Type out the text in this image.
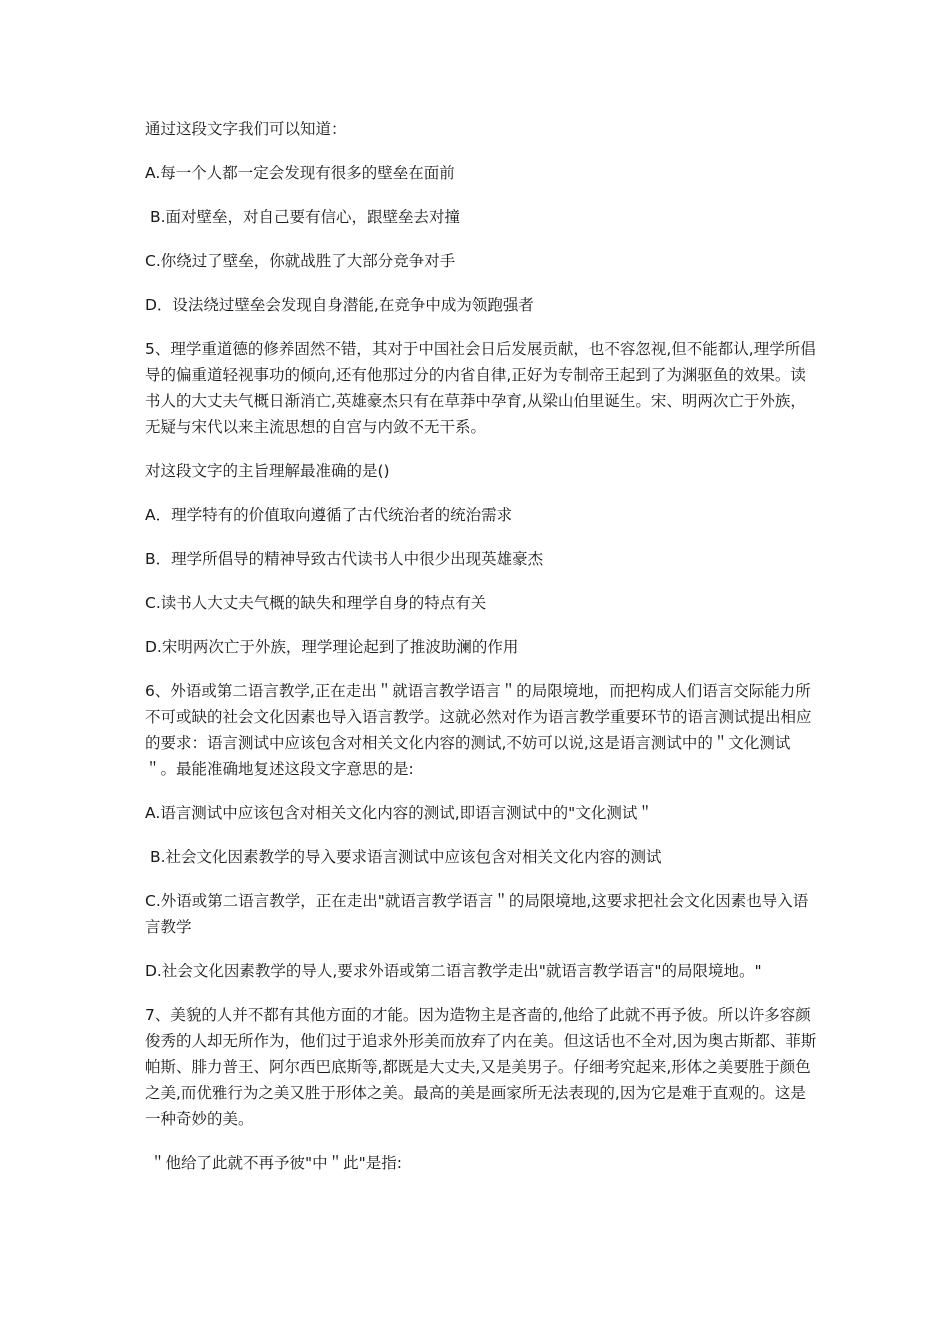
通过这段文字我们可以知道：

A.每一个人都一定会发现有很多的壁垒在面前

B.面对壁垒，对自己要有信心，跟壁垒去对撞

C.你绕过了壁垒，你就战胜了大部分竞争对手

D．设法绕过壁垒会发现自身潜能,在竞争中成为领跑强者

5、理学重道德的修养固然不错，其对于中国社会日后发展贡献，也不容忽视,但不能都认,理学所倡导的偏重道轻视事功的倾向,还有他那过分的内省自律,正好为专制帝王起到了为渊驱鱼的效果。读书人的大丈夫气概日渐消亡,英雄豪杰只有在草莽中孕育,从梁山伯里诞生。宋、明两次亡于外族，无疑与宋代以来主流思想的自宫与内敛不无干系。

对这段文字的主旨理解最准确的是()

A．理学特有的价值取向遵循了古代统治者的统治需求

B．理学所倡导的精神导致古代读书人中很少出现英雄豪杰

C.读书人大丈夫气概的缺失和理学自身的特点有关

D.宋明两次亡于外族，理学理论起到了推波助澜的作用

6、外语或第二语言教学,正在走出＂就语言教学语言＂的局限境地，而把构成人们语言交际能力所不可或缺的社会文化因素也导入语言教学。这就必然对作为语言教学重要环节的语言测试提出相应的要求：语言测试中应该包含对相关文化内容的测试,不妨可以说,这是语言测试中的＂文化测试＂。最能准确地复述这段文字意思的是:

A.语言测试中应该包含对相关文化内容的测试,即语言测试中的"文化测试＂

B.社会文化因素教学的导入要求语言测试中应该包含对相关文化内容的测试

C.外语或第二语言教学，正在走出"就语言教学语言＂的局限境地,这要求把社会文化因素也导入语言教学

D.社会文化因素教学的导人,要求外语或第二语言教学走出"就语言教学语言"的局限境地。"

7、美貌的人并不都有其他方面的才能。因为造物主是吝啬的,他给了此就不再予彼。所以许多容颜俊秀的人却无所作为，他们过于追求外形美而放弃了内在美。但这话也不全对,因为奥古斯都、菲斯帕斯、腓力普王、阿尔西巴底斯等,都既是大丈夫,又是美男子。仔细考究起来,形体之美要胜于颜色之美,而优雅行为之美又胜于形体之美。最高的美是画家所无法表现的,因为它是难于直观的。这是一种奇妙的美。

＂他给了此就不再予彼"中＂此"是指:
